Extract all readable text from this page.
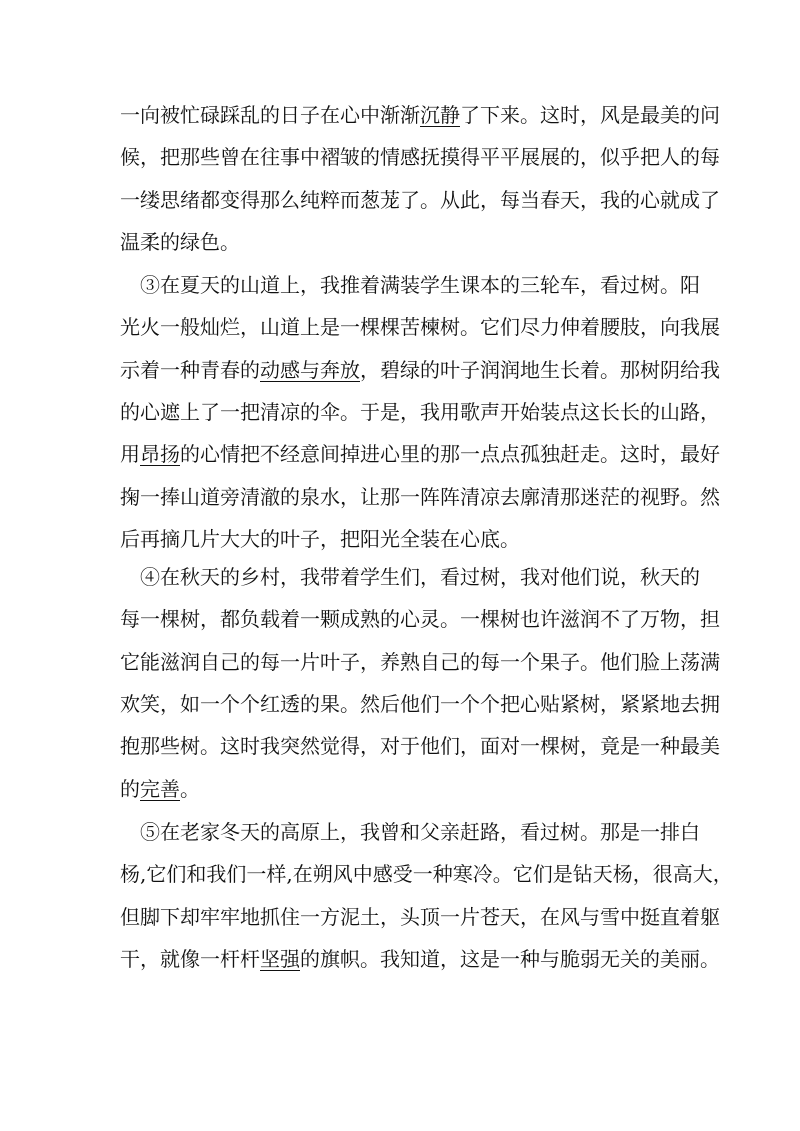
一向被忙碌踩乱的日子在心中渐渐沉静了下来。这时，风是最美的问
候，把那些曾在往事中褶皱的情感抚摸得平平展展的，似乎把人的每
一缕思绪都变得那么纯粹而葱茏了。从此，每当春天，我的心就成了
温柔的绿色。
　③在夏天的山道上，我推着满装学生课本的三轮车，看过树。阳
光火一般灿烂，山道上是一棵棵苦楝树。它们尽力伸着腰肢，向我展
示着一种青春的动感与奔放，碧绿的叶子润润地生长着。那树阴给我
的心遮上了一把清凉的伞。于是，我用歌声开始装点这长长的山路，
用昂扬的心情把不经意间掉进心里的那一点点孤独赶走。这时，最好
掬一捧山道旁清澈的泉水，让那一阵阵清凉去廓清那迷茫的视野。然
后再摘几片大大的叶子，把阳光全装在心底。
　④在秋天的乡村，我带着学生们，看过树，我对他们说，秋天的
每一棵树，都负载着一颗成熟的心灵。一棵树也许滋润不了万物，担
它能滋润自己的每一片叶子，养熟自己的每一个果子。他们脸上荡满
欢笑，如一个个红透的果。然后他们一个个把心贴紧树，紧紧地去拥
抱那些树。这时我突然觉得，对于他们，面对一棵树，竟是一种最美
的完善。
　⑤在老家冬天的高原上，我曾和父亲赶路，看过树。那是一排白
杨,它们和我们一样,在朔风中感受一种寒冷。它们是钻天杨，很高大，
但脚下却牢牢地抓住一方泥土，头顶一片苍天，在风与雪中挺直着躯
干，就像一杆杆坚强的旗帜。我知道，这是一种与脆弱无关的美丽。
